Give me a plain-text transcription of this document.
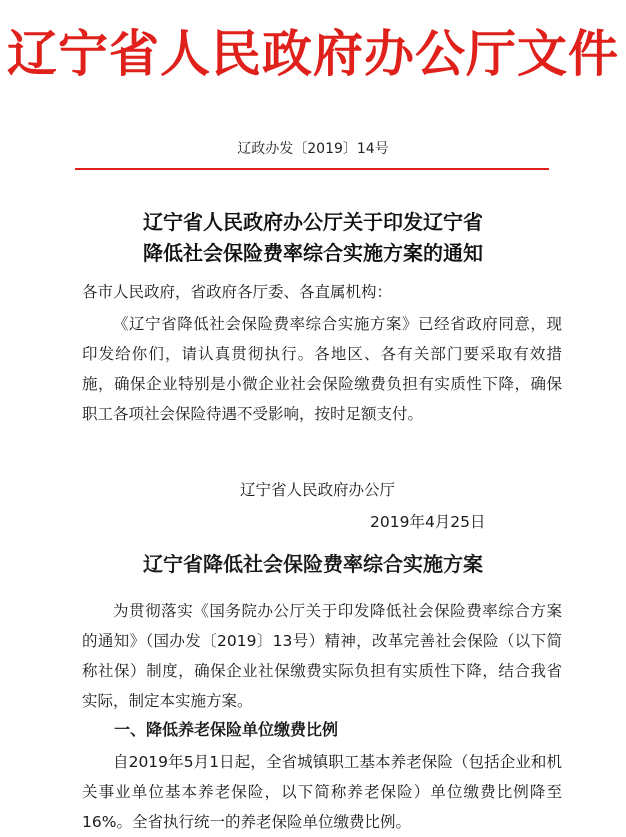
辽宁省人民政府办公厅文件
辽政办发〔2019〕14号
辽宁省人民政府办公厅关于印发辽宁省
降低社会保险费率综合实施方案的通知
各市人民政府，省政府各厅委、各直属机构：
《辽宁省降低社会保险费率综合实施方案》已经省政府同意，现印发给你们，请认真贯彻执行。各地区、各有关部门要采取有效措施，确保企业特别是小微企业社会保险缴费负担有实质性下降，确保职工各项社会保险待遇不受影响，按时足额支付。
辽宁省人民政府办公厅
2019年4月25日
辽宁省降低社会保险费率综合实施方案
为贯彻落实《国务院办公厅关于印发降低社会保险费率综合方案的通知》（国办发〔2019〕13号）精神，改革完善社会保险（以下简称社保）制度，确保企业社保缴费实际负担有实质性下降，结合我省实际，制定本实施方案。
一、降低养老保险单位缴费比例
自2019年5月1日起，全省城镇职工基本养老保险（包括企业和机关事业单位基本养老保险，以下简称养老保险）单位缴费比例降至16%。全省执行统一的养老保险单位缴费比例。
